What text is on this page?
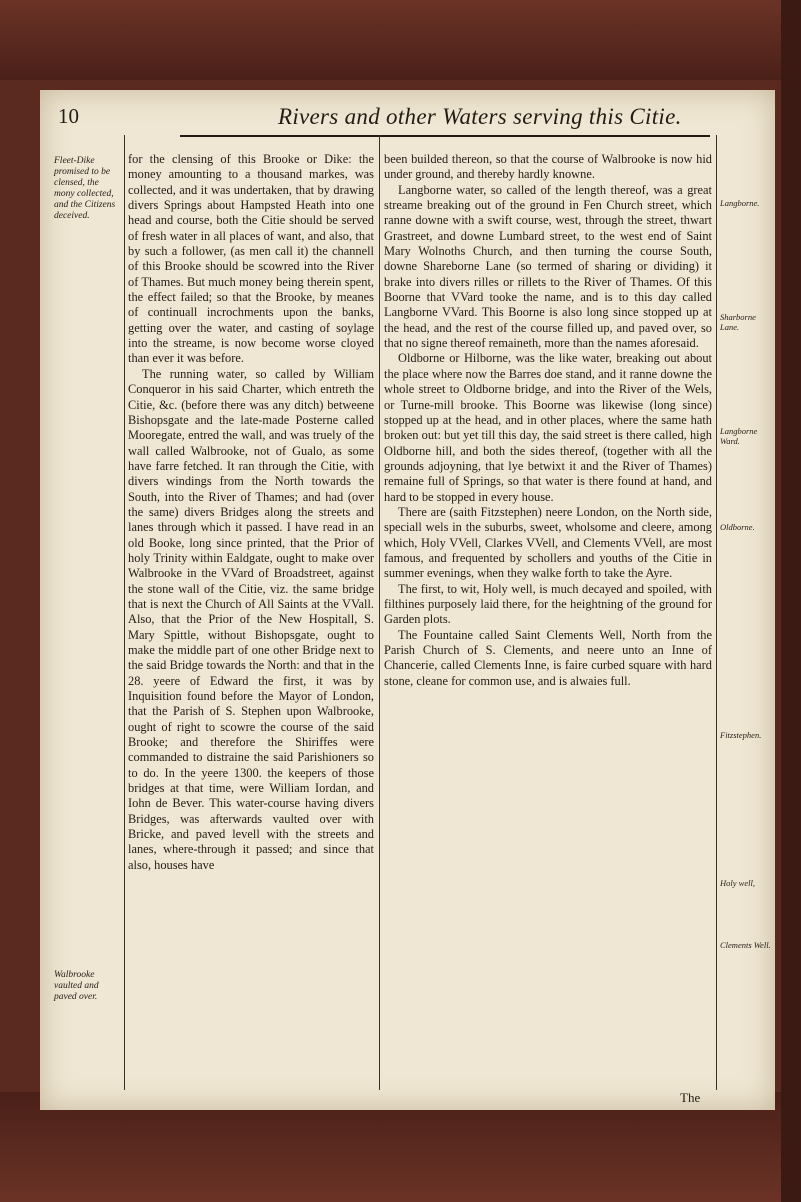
10	Rivers and other Waters serving this Citie.
Fleet-Dike promised to be clensed, the mony collected, and the Citizens deceived.
Walbrooke vaulted and paved over.
Langborne.
Sharborne Lane.
Langborne Ward.
Oldborne.
Fitzstephen.
Holy well,
Clements Well.

for the clensing of this Brooke or Dike: the money amounting to a thousand markes, was collected, and it was undertaken, that by drawing divers Springs about Hampsted Heath into one head and course, both the Citie should be served of fresh water in all places of want, and also, that by such a follower, (as men call it) the channell of this Brooke should be scowred into the River of Thames. But much money being therein spent, the effect failed; so that the Brooke, by meanes of continuall incrochments upon the banks, getting over the water, and casting of soylage into the streame, is now become worse cloyed than ever it was before.

The running water, so called by William Conqueror in his said Charter, which entreth the Citie, &c. (before there was any ditch) betweene Bishopsgate and the late-made Posterne called Mooregate, entred the wall, and was truely of the wall called Walbrooke, not of Gualo, as some have farre fetched. It ran through the Citie, with divers windings from the North towards the South, into the River of Thames; and had (over the same) divers Bridges along the streets and lanes through which it passed. I have read in an old Booke, long since printed, that the Prior of holy Trinity within Ealdgate, ought to make over Walbrooke in the VVard of Broadstreet, against the stone wall of the Citie, viz. the same bridge that is next the Church of All Saints at the VVall. Also, that the Prior of the New Hospitall, S. Mary Spittle, without Bishopsgate, ought to make the middle part of one other Bridge next to the said Bridge towards the North: and that in the 28. yeere of Edward the first, it was by Inquisition found before the Mayor of London, that the Parish of S. Stephen upon Walbrooke, ought of right to scowre the course of the said Brooke; and therefore the Shiriffes were commanded to distraine the said Parishioners so to do. In the yeere 1300. the keepers of those bridges at that time, were William Iordan, and Iohn de Bever. This water-course having divers Bridges, was afterwards vaulted over with Bricke, and paved levell with the streets and lanes, where-through it passed; and since that also, houses have

been builded thereon, so that the course of Walbrooke is now hid under ground, and thereby hardly knowne.

Langborne water, so called of the length thereof, was a great streame breaking out of the ground in Fen Church street, which ranne downe with a swift course, west, through the street, thwart Grastreet, and downe Lumbard street, to the west end of Saint Mary Wolnoths Church, and then turning the course South, downe Shareborne Lane (so termed of sharing or dividing) it brake into divers rilles or rillets to the River of Thames. Of this Boorne that VVard tooke the name, and is to this day called Langborne VVard. This Boorne is also long since stopped up at the head, and the rest of the course filled up, and paved over, so that no signe thereof remaineth, more than the names aforesaid.

Oldborne or Hilborne, was the like water, breaking out about the place where now the Barres doe stand, and it ranne downe the whole street to Oldborne bridge, and into the River of the Wels, or Turne-mill brooke. This Boorne was likewise (long since) stopped up at the head, and in other places, where the same hath broken out: but yet till this day, the said street is there called, high Oldborne hill, and both the sides thereof, (together with all the grounds adjoyning, that lye betwixt it and the River of Thames) remaine full of Springs, so that water is there found at hand, and hard to be stopped in every house.

There are (saith Fitzstephen) neere London, on the North side, speciall wels in the suburbs, sweet, wholsome and cleere, among which, Holy VVell, Clarkes VVell, and Clements VVell, are most famous, and frequented by schollers and youths of the Citie in summer evenings, when they walke forth to take the Ayre.

The first, to wit, Holy well, is much decayed and spoiled, with filthines purposely laid there, for the heightning of the ground for Garden plots.

The Fountaine called Saint Clements Well, North from the Parish Church of S. Clements, and neere unto an Inne of Chancerie, called Clements Inne, is faire curbed square with hard stone, cleane for common use, and is alwaies full.

The
